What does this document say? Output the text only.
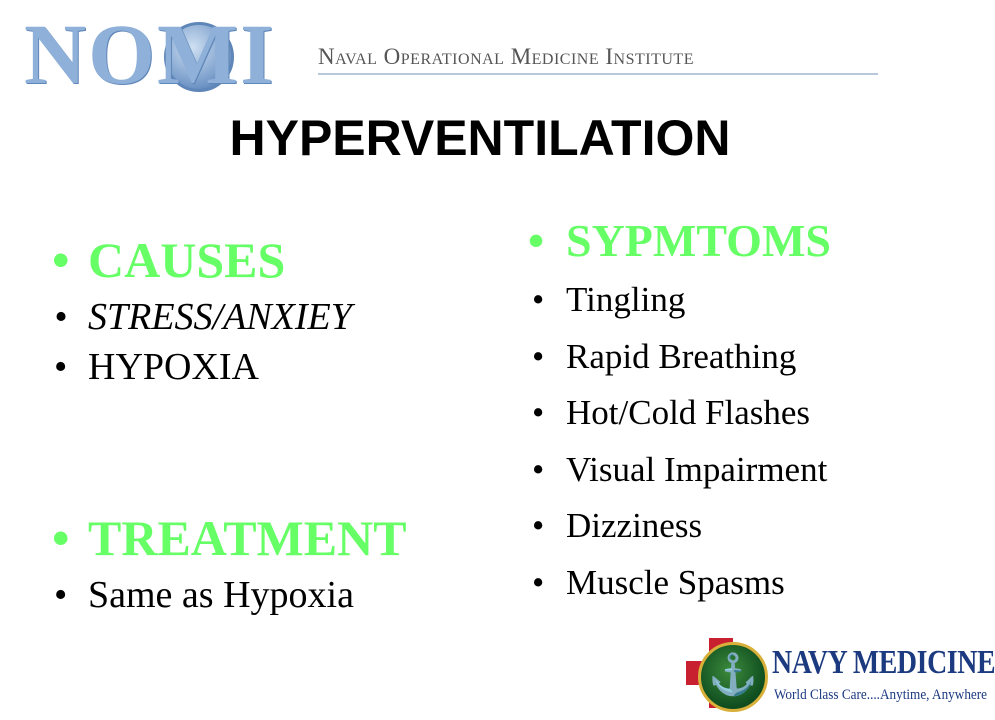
NOMI Naval Operational Medicine Institute
HYPERVENTILATION
• CAUSES
• STRESS/ANXIEY
• HYPOXIA
• TREATMENT
• Same as Hypoxia
• SYPMTOMS
• Tingling
• Rapid Breathing
• Hot/Cold Flashes
• Visual Impairment
• Dizziness
• Muscle Spasms
⚓ NAVY MEDICINE
World Class Care....Anytime, Anywhere
